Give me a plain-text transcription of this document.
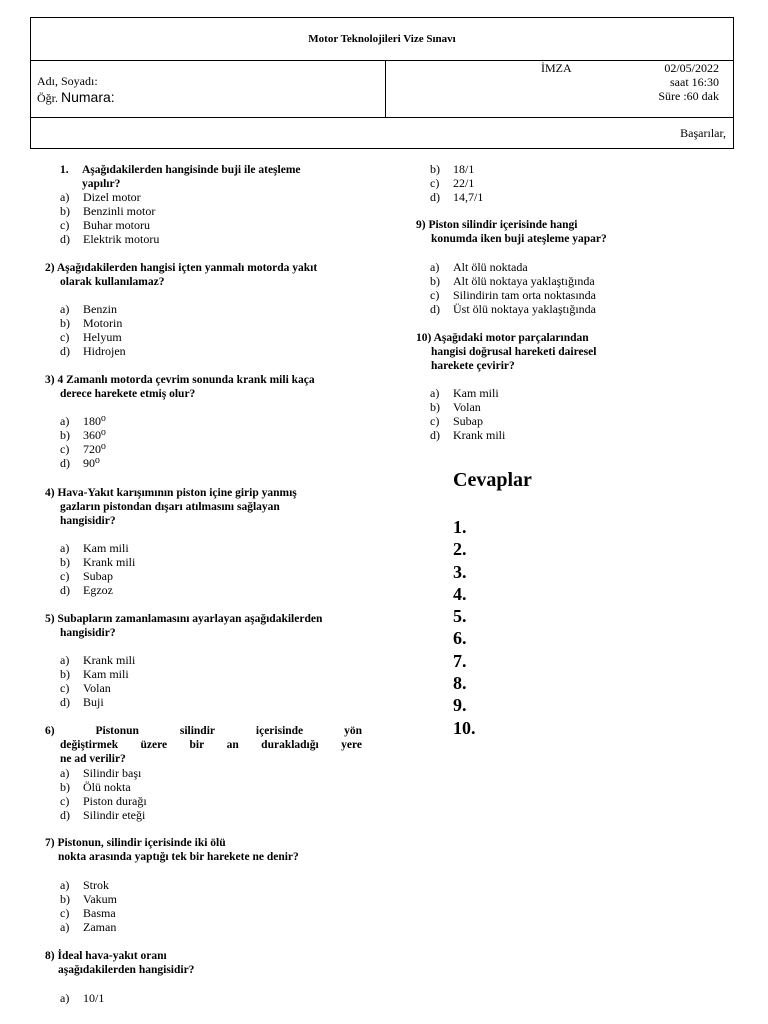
Motor Teknolojileri Vize Sınavı
Adı, Soyadı:
Öğr. Numara:
İMZA	02/05/2022
saat 16:30
Süre :60 dak
Başarılar,
1. Aşağıdakilerden hangisinde buji ile ateşleme
yapılır?
a) Dizel motor
b) Benzinli motor
c) Buhar motoru
d) Elektrik motoru
2) Aşağıdakilerden hangisi içten yanmalı motorda yakıt
olarak kullanılamaz?
a) Benzin
b) Motorin
c) Helyum
d) Hidrojen
3) 4 Zamanlı motorda çevrim sonunda krank mili kaça
derece harekete etmiş olur?
a) 180⁰
b) 360⁰
c) 720⁰
d) 90⁰
4) Hava-Yakıt karışımının piston içine girip yanmış
gazların pistondan dışarı atılmasını sağlayan
hangisidir?
a) Kam mili
b) Krank mili
c) Subap
d) Egzoz
5) Subapların zamanlamasını ayarlayan aşağıdakilerden
hangisidir?
a) Krank mili
b) Kam mili
c) Volan
d) Buji
6)	Pistonun	silindir	içerisinde	yön
değiştirmek üzere bir an durakladığı yere
ne ad verilir?
a) Silindir başı
b) Ölü nokta
c) Piston durağı
d) Silindir eteği
7) Pistonun, silindir içerisinde iki ölü
nokta arasında yaptığı tek bir harekete ne denir?
a) Strok
b) Vakum
c) Basma
a) Zaman
8) İdeal hava-yakıt oranı
aşağıdakilerden hangisidir?
a) 10/1
b) 18/1
c) 22/1
d) 14,7/1
9) Piston silindir içerisinde hangi
konumda iken buji ateşleme yapar?
a) Alt ölü noktada
b) Alt ölü noktaya yaklaştığında
c) Silindirin tam orta noktasında
d) Üst ölü noktaya yaklaştığında
10) Aşağıdaki motor parçalarından
hangisi doğrusal hareketi dairesel
harekete çevirir?
a) Kam mili
b) Volan
c) Subap
d) Krank mili
Cevaplar
1.
2.
3.
4.
5.
6.
7.
8.
9.
10.
